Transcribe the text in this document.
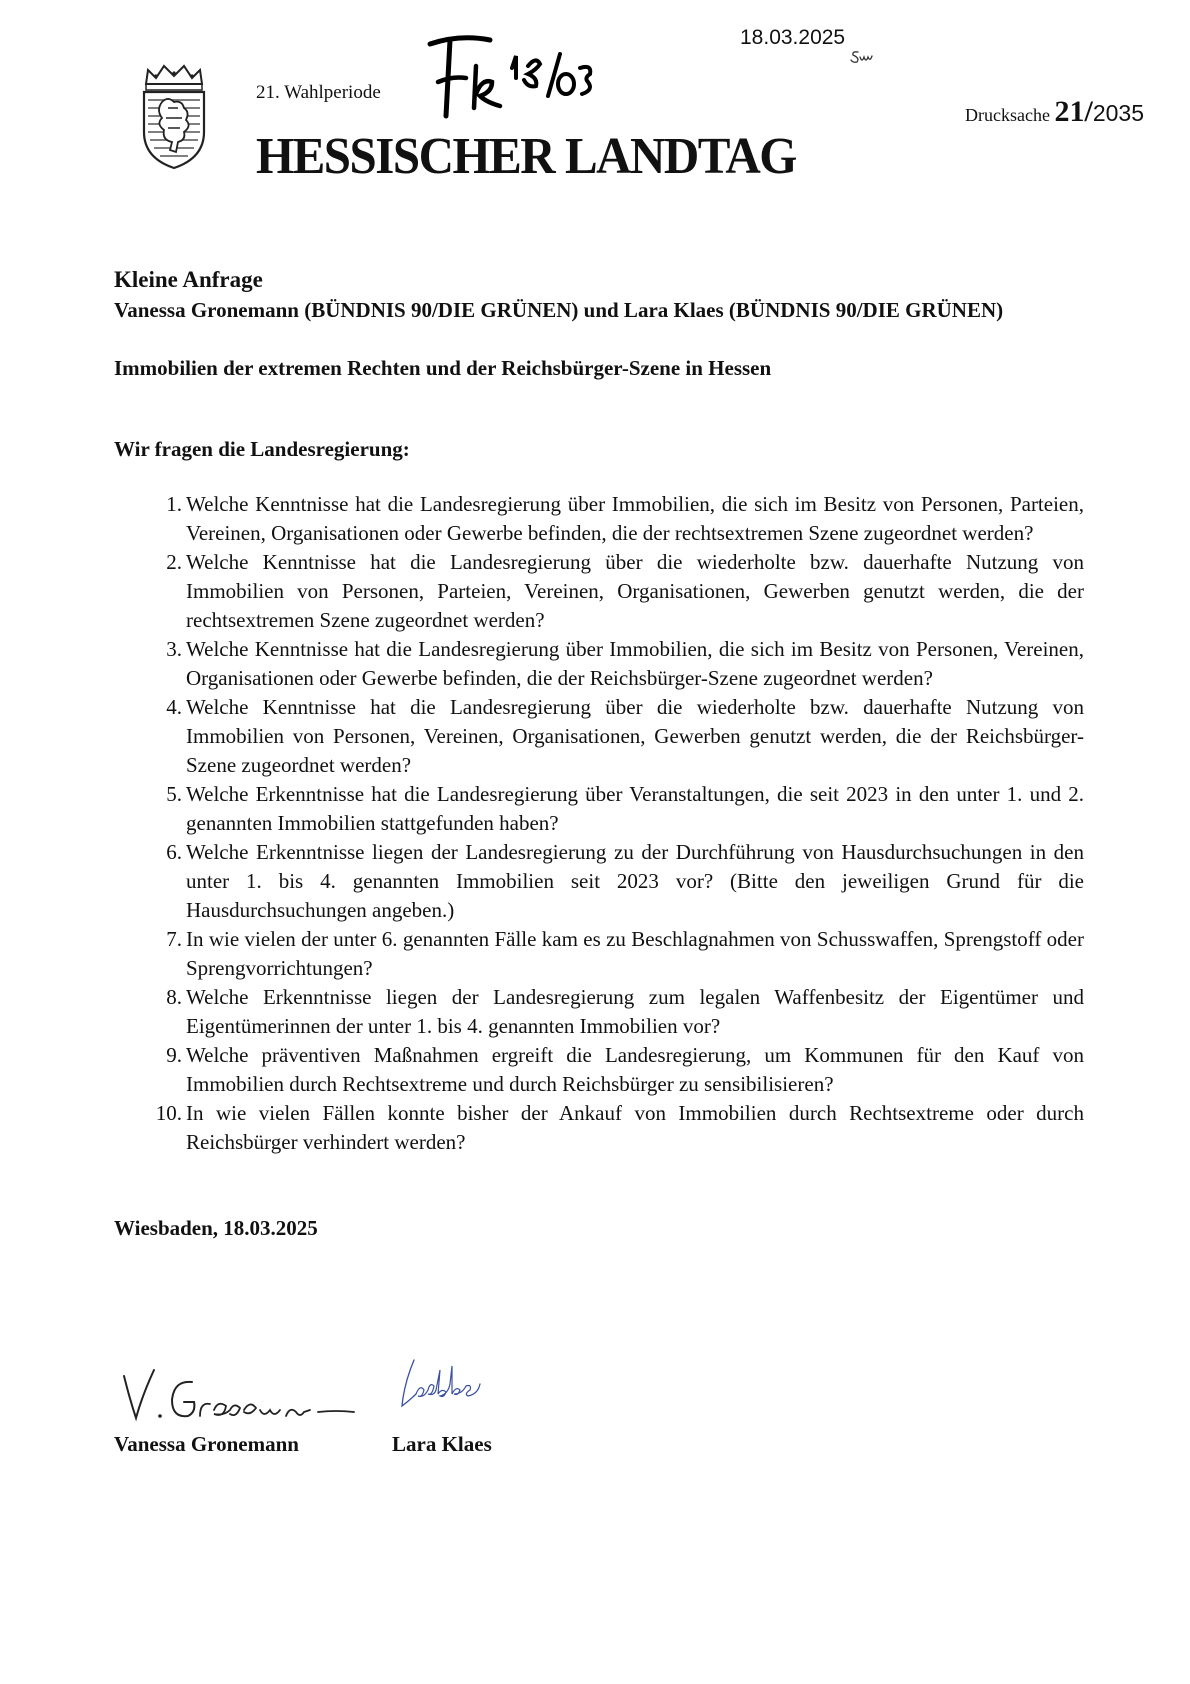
21. Wahlperiode
18.03.2025
Drucksache 21/2035
HESSISCHER LANDTAG

Kleine Anfrage

Vanessa Gronemann (BÜNDNIS 90/DIE GRÜNEN) und Lara Klaes (BÜNDNIS 90/DIE GRÜNEN)

Immobilien der extremen Rechten und der Reichsbürger-Szene in Hessen

Wir fragen die Landesregierung:

1. Welche Kenntnisse hat die Landesregierung über Immobilien, die sich im Besitz von Personen, Parteien, Vereinen, Organisationen oder Gewerbe befinden, die der rechtsextremen Szene zugeordnet werden?
2. Welche Kenntnisse hat die Landesregierung über die wiederholte bzw. dauerhafte Nutzung von Immobilien von Personen, Parteien, Vereinen, Organisationen, Gewerben genutzt werden, die der rechtsextremen Szene zugeordnet werden?
3. Welche Kenntnisse hat die Landesregierung über Immobilien, die sich im Besitz von Personen, Vereinen, Organisationen oder Gewerbe befinden, die der Reichsbürger-Szene zugeordnet werden?
4. Welche Kenntnisse hat die Landesregierung über die wiederholte bzw. dauerhafte Nutzung von Immobilien von Personen, Vereinen, Organisationen, Gewerben genutzt werden, die der Reichsbürger-Szene zugeordnet werden?
5. Welche Erkenntnisse hat die Landesregierung über Veranstaltungen, die seit 2023 in den unter 1. und 2. genannten Immobilien stattgefunden haben?
6. Welche Erkenntnisse liegen der Landesregierung zu der Durchführung von Hausdurchsuchungen in den unter 1. bis 4. genannten Immobilien seit 2023 vor? (Bitte den jeweiligen Grund für die Hausdurchsuchungen angeben.)
7. In wie vielen der unter 6. genannten Fälle kam es zu Beschlagnahmen von Schusswaffen, Sprengstoff oder Sprengvorrichtungen?
8. Welche Erkenntnisse liegen der Landesregierung zum legalen Waffenbesitz der Eigentümer und Eigentümerinnen der unter 1. bis 4. genannten Immobilien vor?
9. Welche präventiven Maßnahmen ergreift die Landesregierung, um Kommunen für den Kauf von Immobilien durch Rechtsextreme und durch Reichsbürger zu sensibilisieren?
10. In wie vielen Fällen konnte bisher der Ankauf von Immobilien durch Rechtsextreme oder durch Reichsbürger verhindert werden?

Wiesbaden, 18.03.2025

Vanessa Gronemann	Lara Klaes
